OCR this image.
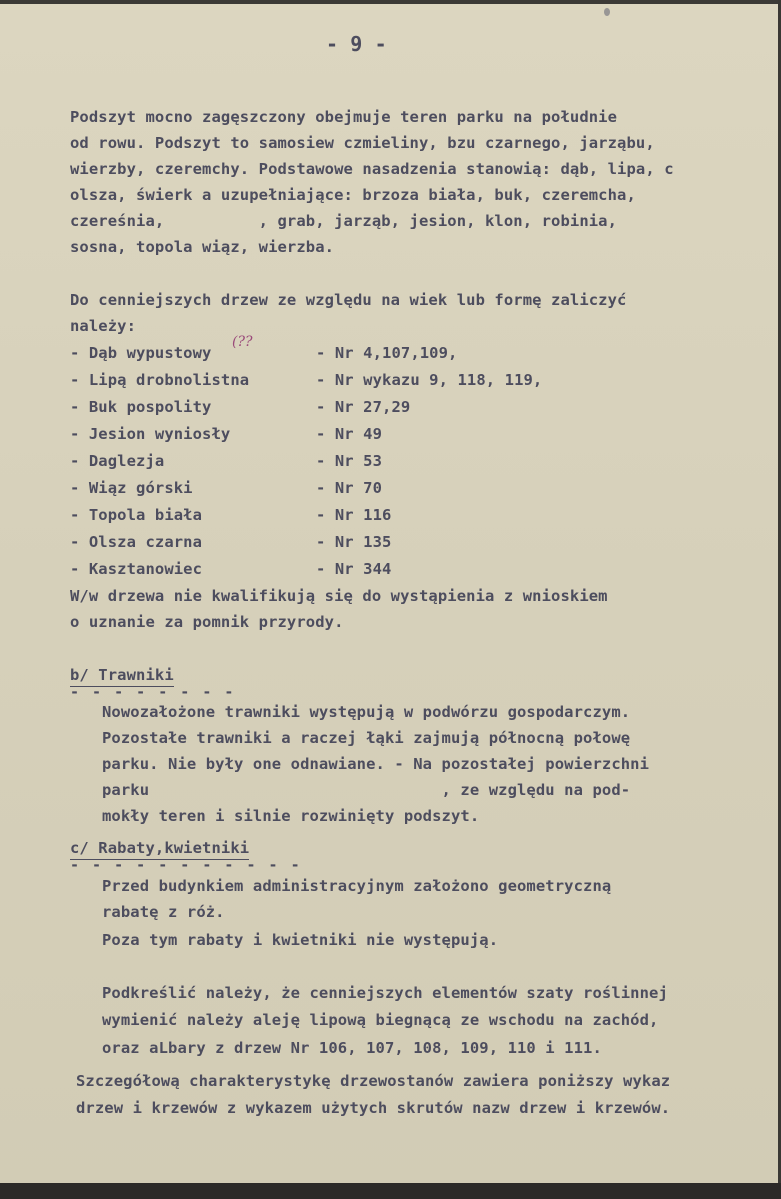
- 9 -
Podszyt mocno zagęszczony obejmuje teren parku na południe
od rowu. Podszyt to samosiew czmieliny, bzu czarnego, jarząbu,
wierzby, czeremchy. Podstawowe nasadzenia stanowią: dąb, lipa, c
olsza, świerk a uzupełniające: brzoza biała, buk, czeremcha,
czereśnia,          , grab, jarząb, jesion, klon, robinia,
sosna, topola wiąz, wierzba.
Do cenniejszych drzew ze względu na wiek lub formę zaliczyć
należy:
- Dąb wypustowy	- Nr 4,107,109,
- Lipą drobnolistna	- Nr wykazu 9, 118, 119,
- Buk pospolity	- Nr 27,29
- Jesion wyniosły	- Nr 49
- Daglezja	- Nr 53
- Wiąz górski	- Nr 70
- Topola biała	- Nr 116
- Olsza czarna	- Nr 135
- Kasztanowiec	- Nr 344
(??
W/w drzewa nie kwalifikują się do wystąpienia z wnioskiem
o uznanie za pomnik przyrody.
b/ Trawniki
- - - - - - - -
Nowozałożone trawniki występują w podwórzu gospodarczym.
Pozostałe trawniki a raczej łąki zajmują północną połowę
parku. Nie były one odnawiane. - Na pozostałej powierzchni
parku                               , ze względu na pod-
mokły teren i silnie rozwinięty podszyt.
c/ Rabaty,kwietniki
- - - - - - - - - - -
Przed budynkiem administracyjnym założono geometryczną
rabatę z róż.
Poza tym rabaty i kwietniki nie występują.
Podkreślić należy, że cenniejszych elementów szaty roślinnej
wymienić należy aleję lipową biegnącą ze wschodu na zachód,
oraz aLbary z drzew Nr 106, 107, 108, 109, 110 i 111.
Szczegółową charakterystykę drzewostanów zawiera poniższy wykaz
drzew i krzewów z wykazem użytych skrutów nazw drzew i krzewów.
